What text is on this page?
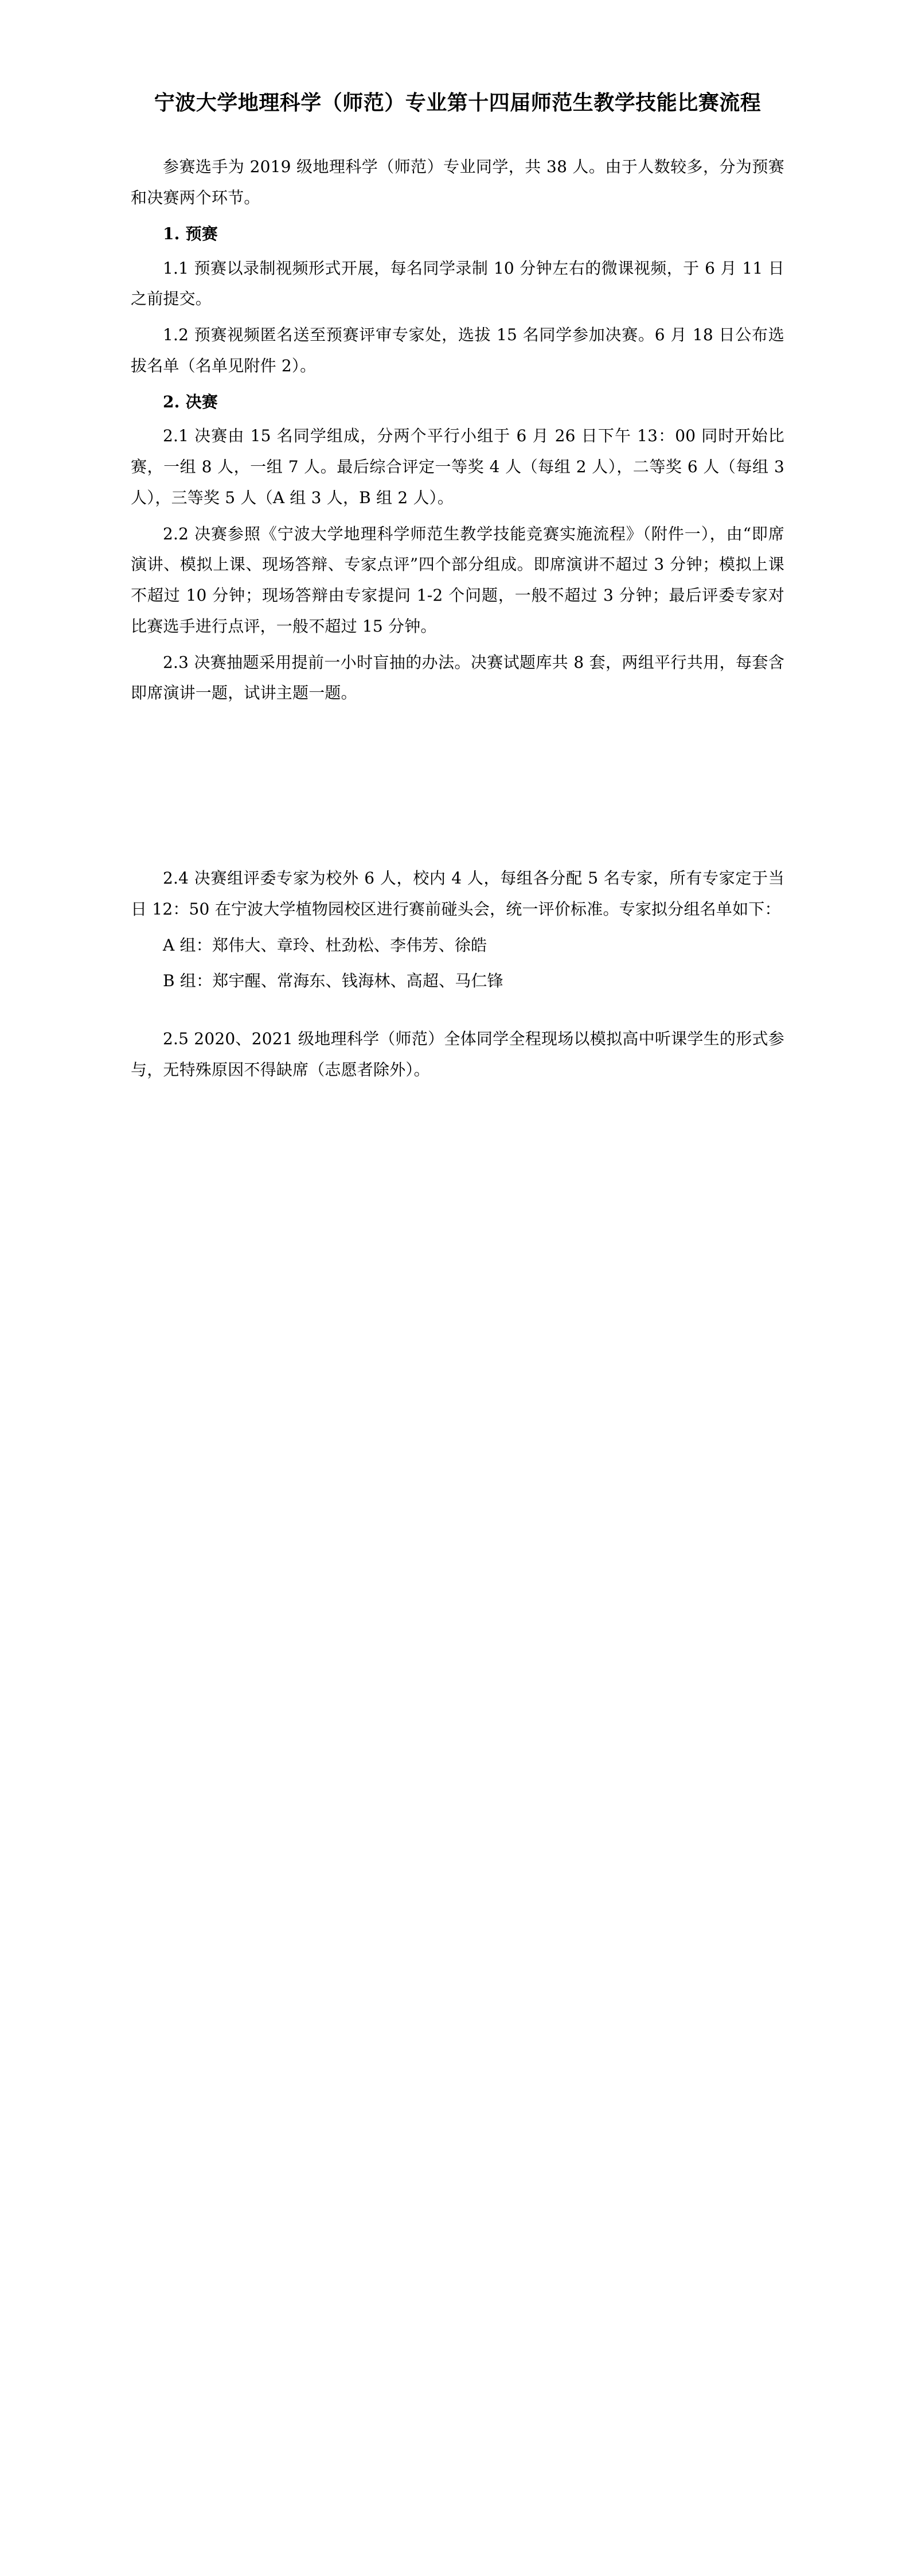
宁波大学地理科学（师范）专业第十四届师范生教学技能比赛流程

参赛选手为 2019 级地理科学（师范）专业同学，共 38 人。由于人数较多，分为预赛和决赛两个环节。

1. 预赛

1.1 预赛以录制视频形式开展，每名同学录制 10 分钟左右的微课视频，于 6 月 11 日之前提交。

1.2 预赛视频匿名送至预赛评审专家处，选拔 15 名同学参加决赛。6 月 18 日公布选拔名单（名单见附件 2）。

2. 决赛

2.1 决赛由 15 名同学组成，分两个平行小组于 6 月 26 日下午 13：00 同时开始比赛，一组 8 人，一组 7 人。最后综合评定一等奖 4 人（每组 2 人），二等奖 6 人（每组 3 人），三等奖 5 人（A 组 3 人，B 组 2 人）。

2.2 决赛参照《宁波大学地理科学师范生教学技能竞赛实施流程》（附件一），由“即席演讲、模拟上课、现场答辩、专家点评”四个部分组成。即席演讲不超过 3 分钟；模拟上课不超过 10 分钟；现场答辩由专家提问 1-2 个问题，一般不超过 3 分钟；最后评委专家对比赛选手进行点评，一般不超过 15 分钟。

2.3 决赛抽题采用提前一小时盲抽的办法。决赛试题库共 8 套，两组平行共用，每套含即席演讲一题，试讲主题一题。

2.4 决赛组评委专家为校外 6 人，校内 4 人，每组各分配 5 名专家，所有专家定于当日 12：50 在宁波大学植物园校区进行赛前碰头会，统一评价标准。专家拟分组名单如下：

A 组：郑伟大、章玲、杜劲松、李伟芳、徐皓

B 组：郑宇醒、常海东、钱海林、高超、马仁锋

2.5 2020、2021 级地理科学（师范）全体同学全程现场以模拟高中听课学生的形式参与，无特殊原因不得缺席（志愿者除外）。
